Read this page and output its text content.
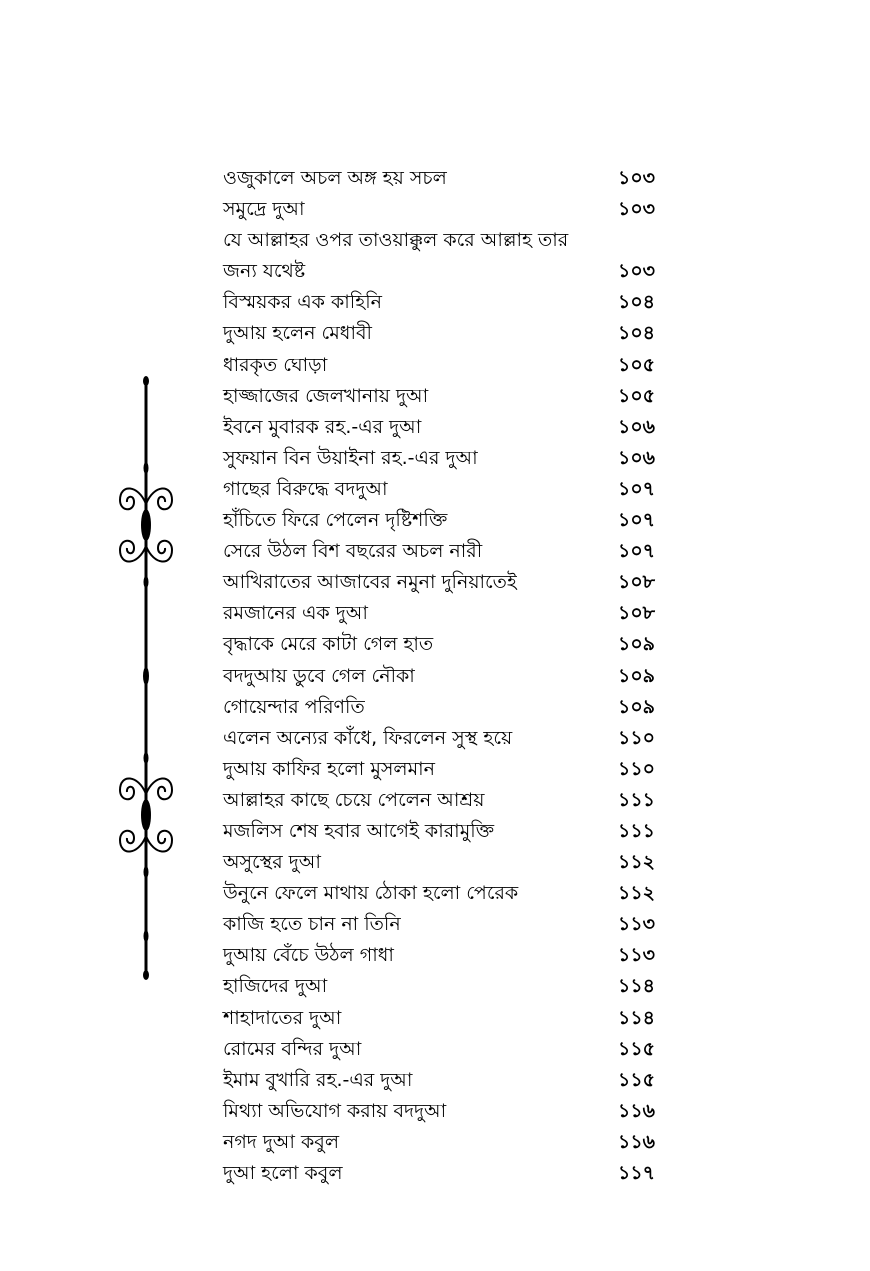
ওজুকালে অচল অঙ্গ হয় সচল	১০৩
সমুদ্রে দুআ	১০৩
যে আল্লাহর ওপর তাওয়াক্কুল করে আল্লাহ তার
জন্য যথেষ্ট	১০৩
বিস্ময়কর এক কাহিনি	১০৪
দুআয় হলেন মেধাবী	১০৪
ধারকৃত ঘোড়া	১০৫
হাজ্জাজের জেলখানায় দুআ	১০৫
ইবনে মুবারক রহ.-এর দুআ	১০৬
সুফয়ান বিন উয়াইনা রহ.-এর দুআ	১০৬
গাছের বিরুদ্ধে বদদুআ	১০৭
হাঁচিতে ফিরে পেলেন দৃষ্টিশক্তি	১০৭
সেরে উঠল বিশ বছরের অচল নারী	১০৭
আখিরাতের আজাবের নমুনা দুনিয়াতেই	১০৮
রমজানের এক দুআ	১০৮
বৃদ্ধাকে মেরে কাটা গেল হাত	১০৯
বদদুআয় ডুবে গেল নৌকা	১০৯
গোয়েন্দার পরিণতি	১০৯
এলেন অন্যের কাঁধে, ফিরলেন সুস্থ হয়ে	১১০
দুআয় কাফির হলো মুসলমান	১১০
আল্লাহর কাছে চেয়ে পেলেন আশ্রয়	১১১
মজলিস শেষ হবার আগেই কারামুক্তি	১১১
অসুস্থের দুআ	১১২
উনুনে ফেলে মাথায় ঠোকা হলো পেরেক	১১২
কাজি হতে চান না তিনি	১১৩
দুআয় বেঁচে উঠল গাধা	১১৩
হাজিদের দুআ	১১৪
শাহাদাতের দুআ	১১৪
রোমের বন্দির দুআ	১১৫
ইমাম বুখারি রহ.-এর দুআ	১১৫
মিথ্যা অভিযোগ করায় বদদুআ	১১৬
নগদ দুআ কবুল	১১৬
দুআ হলো কবুল	১১৭
